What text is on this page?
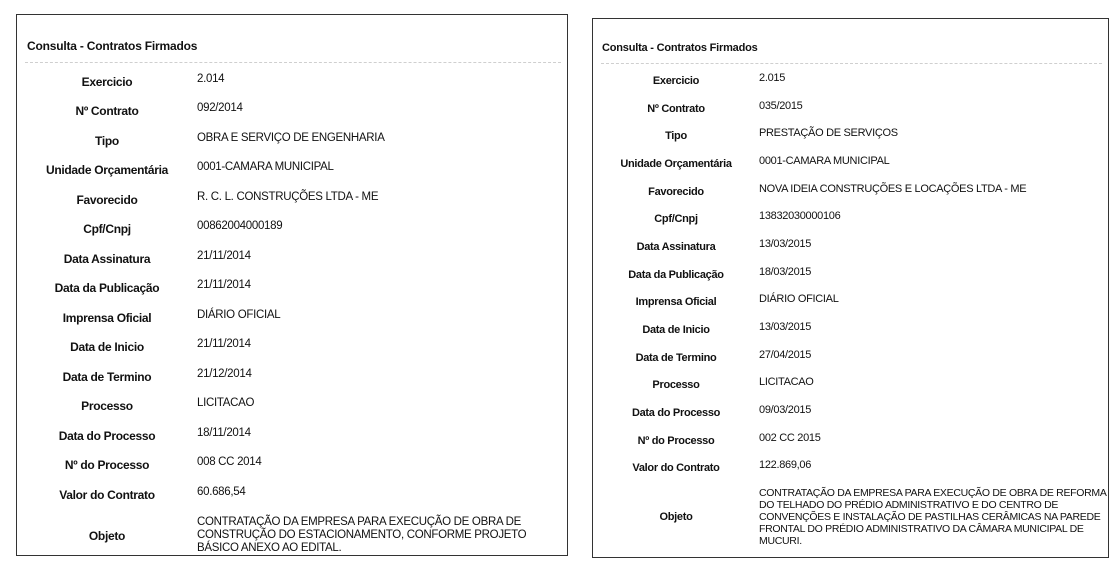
Consulta - Contratos Firmados
Exercicio	2.014
Nº Contrato	092/2014
Tipo	OBRA E SERVIÇO DE ENGENHARIA
Unidade Orçamentária	0001-CAMARA MUNICIPAL
Favorecido	R. C. L. CONSTRUÇÕES LTDA - ME
Cpf/Cnpj	00862004000189
Data Assinatura	21/11/2014
Data da Publicação	21/11/2014
Imprensa Oficial	DIÁRIO OFICIAL
Data de Inicio	21/11/2014
Data de Termino	21/12/2014
Processo	LICITACAO
Data do Processo	18/11/2014
Nº do Processo	008 CC 2014
Valor do Contrato	60.686,54
Objeto
CONTRATAÇÃO DA EMPRESA PARA EXECUÇÃO DE OBRA DE CONSTRUÇÃO DO ESTACIONAMENTO, CONFORME PROJETO BÁSICO ANEXO AO EDITAL.
Consulta - Contratos Firmados
Exercicio	2.015
Nº Contrato	035/2015
Tipo	PRESTAÇÃO DE SERVIÇOS
Unidade Orçamentária	0001-CAMARA MUNICIPAL
Favorecido	NOVA IDEIA CONSTRUÇÕES E LOCAÇÕES LTDA - ME
Cpf/Cnpj	13832030000106
Data Assinatura	13/03/2015
Data da Publicação	18/03/2015
Imprensa Oficial	DIÁRIO OFICIAL
Data de Inicio	13/03/2015
Data de Termino	27/04/2015
Processo	LICITACAO
Data do Processo	09/03/2015
Nº do Processo	002 CC 2015
Valor do Contrato	122.869,06
Objeto
CONTRATAÇÃO DA EMPRESA PARA EXECUÇÃO DE OBRA DE REFORMA DO TELHADO DO PRÉDIO ADMINISTRATIVO E DO CENTRO DE CONVENÇÕES E INSTALAÇÃO DE PASTILHAS CERÂMICAS NA PAREDE FRONTAL DO PRÉDIO ADMINISTRATIVO DA CÂMARA MUNICIPAL DE MUCURI.
